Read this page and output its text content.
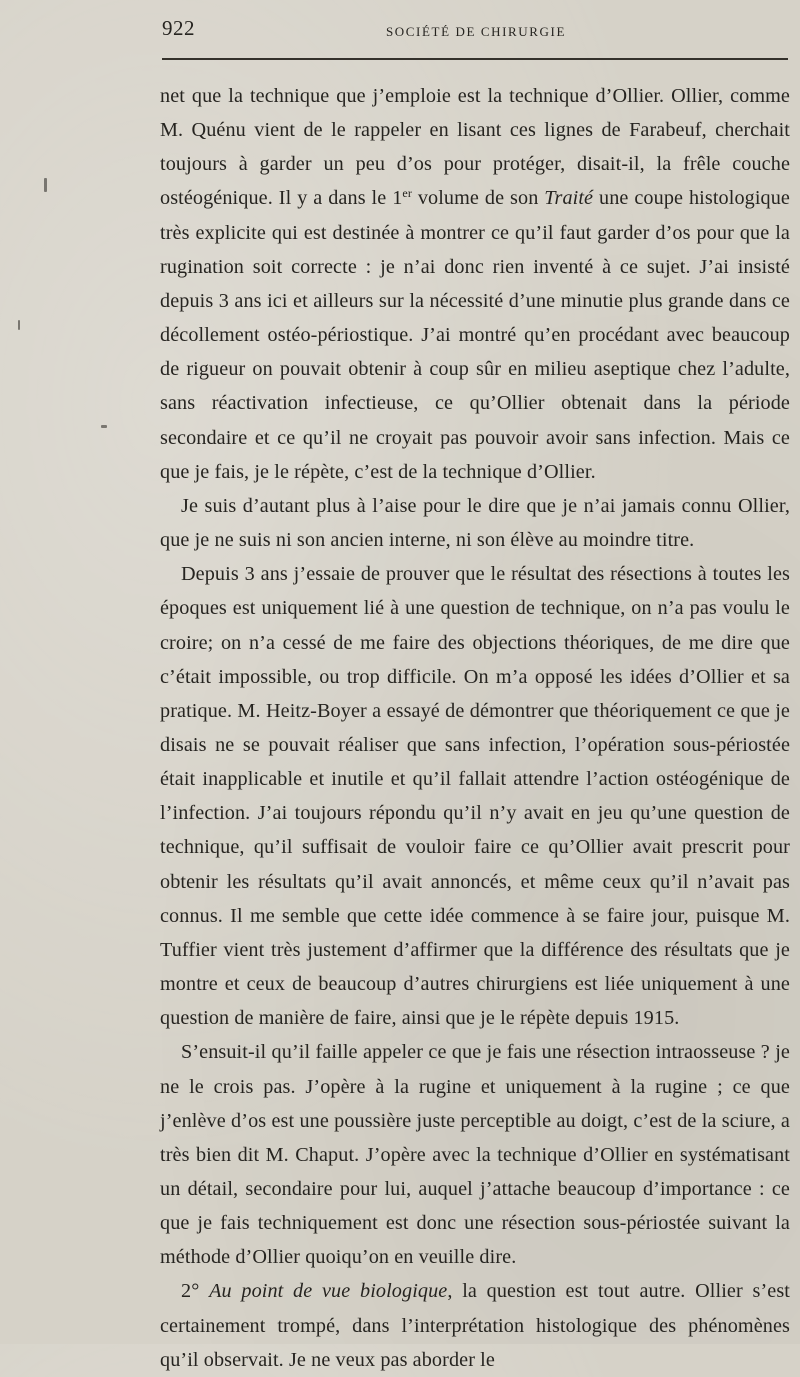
922	SOCIÉTÉ DE CHIRURGIE

net que la technique que j’emploie est la technique d’Ollier. Ollier, comme M. Quénu vient de le rappeler en lisant ces lignes de Farabeuf, cherchait toujours à garder un peu d’os pour protéger, disait-il, la frêle couche ostéogénique. Il y a dans le 1er volume de son Traité une coupe histologique très explicite qui est destinée à montrer ce qu’il faut garder d’os pour que la rugination soit correcte : je n’ai donc rien inventé à ce sujet. J’ai insisté depuis 3 ans ici et ailleurs sur la nécessité d’une minutie plus grande dans ce décollement ostéo-périostique. J’ai montré qu’en procédant avec beaucoup de rigueur on pouvait obtenir à coup sûr en milieu aseptique chez l’adulte, sans réactivation infectieuse, ce qu’Ollier obtenait dans la période secondaire et ce qu’il ne croyait pas pouvoir avoir sans infection. Mais ce que je fais, je le répète, c’est de la technique d’Ollier.

Je suis d’autant plus à l’aise pour le dire que je n’ai jamais connu Ollier, que je ne suis ni son ancien interne, ni son élève au moindre titre.

Depuis 3 ans j’essaie de prouver que le résultat des résections à toutes les époques est uniquement lié à une question de technique, on n’a pas voulu le croire; on n’a cessé de me faire des objections théoriques, de me dire que c’était impossible, ou trop difficile. On m’a opposé les idées d’Ollier et sa pratique. M. Heitz-Boyer a essayé de démontrer que théoriquement ce que je disais ne se pouvait réaliser que sans infection, l’opération sous-périostée était inapplicable et inutile et qu’il fallait attendre l’action ostéogénique de l’infection. J’ai toujours répondu qu’il n’y avait en jeu qu’une question de technique, qu’il suffisait de vouloir faire ce qu’Ollier avait prescrit pour obtenir les résultats qu’il avait annoncés, et même ceux qu’il n’avait pas connus. Il me semble que cette idée commence à se faire jour, puisque M. Tuffier vient très justement d’affirmer que la différence des résultats que je montre et ceux de beaucoup d’autres chirurgiens est liée uniquement à une question de manière de faire, ainsi que je le répète depuis 1915.

S’ensuit-il qu’il faille appeler ce que je fais une résection intraosseuse ? je ne le crois pas. J’opère à la rugine et uniquement à la rugine ; ce que j’enlève d’os est une poussière juste perceptible au doigt, c’est de la sciure, a très bien dit M. Chaput. J’opère avec la technique d’Ollier en systématisant un détail, secondaire pour lui, auquel j’attache beaucoup d’importance : ce que je fais techniquement est donc une résection sous-périostée suivant la méthode d’Ollier quoiqu’on en veuille dire.

2° Au point de vue biologique, la question est tout autre. Ollier s’est certainement trompé, dans l’interprétation histologique des phénomènes qu’il observait. Je ne veux pas aborder le
